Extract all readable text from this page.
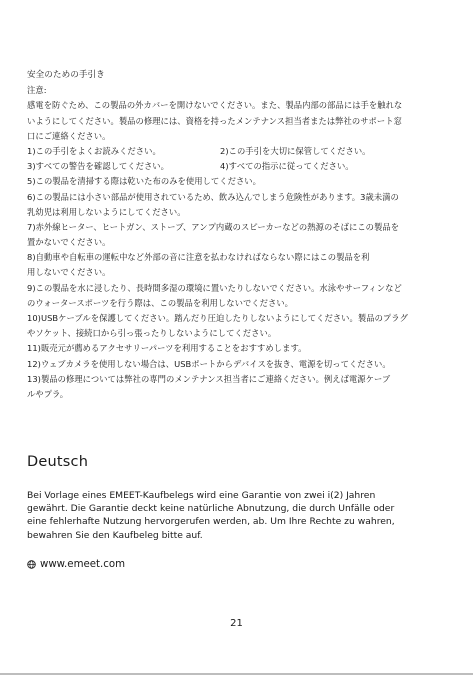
安全のための手引き
注意:
感電を防ぐため、この製品の外カバーを開けないでください。また、製品内部の部品には手を触れな
いようにしてください。製品の修理には、資格を持ったメンテナンス担当者または弊社のサポート窓
口にご連絡ください。
1)この手引をよくお読みください。	2)この手引を大切に保管してください。
3)すべての警告を確認してください。	4)すべての指示に従ってください。
5)この製品を清掃する際は乾いた布のみを使用してください。
6)この製品には小さい部品が使用されているため、飲み込んでしまう危険性があります。3歳未満の
乳幼児は利用しないようにしてください。
7)赤外線ヒーター、ヒートガン、ストーブ、アンプ内蔵のスピーカーなどの熱源のそばにこの製品を
置かないでください。
8)自動車や自転車の運転中など外部の音に注意を払わなければならない際にはこの製品を利
用しないでください。
9)この製品を水に浸したり、長時間多湿の環境に置いたりしないでください。水泳やサーフィンなど
のウォータースポーツを行う際は、この製品を利用しないでください。
10)USBケーブルを保護してください。踏んだり圧迫したりしないようにしてください。製品のプラグ
やソケット、接続口から引っ張ったりしないようにしてください。
11)販売元が薦めるアクセサリーパーツを利用することをおすすめします。
12)ウェブカメラを使用しない場合は、USBポートからデバイスを抜き、電源を切ってください。
13)製品の修理については弊社の専門のメンテナンス担当者にご連絡ください。例えば電源ケーブ
ルやプラ。
Deutsch
Bei Vorlage eines EMEET-Kaufbelegs wird eine Garantie von zwei i(2) Jahren
gewährt. Die Garantie deckt keine natürliche Abnutzung, die durch Unfälle oder
eine fehlerhafte Nutzung hervorgerufen werden, ab. Um Ihre Rechte zu wahren,
bewahren Sie den Kaufbeleg bitte auf.
www.emeet.com
21
